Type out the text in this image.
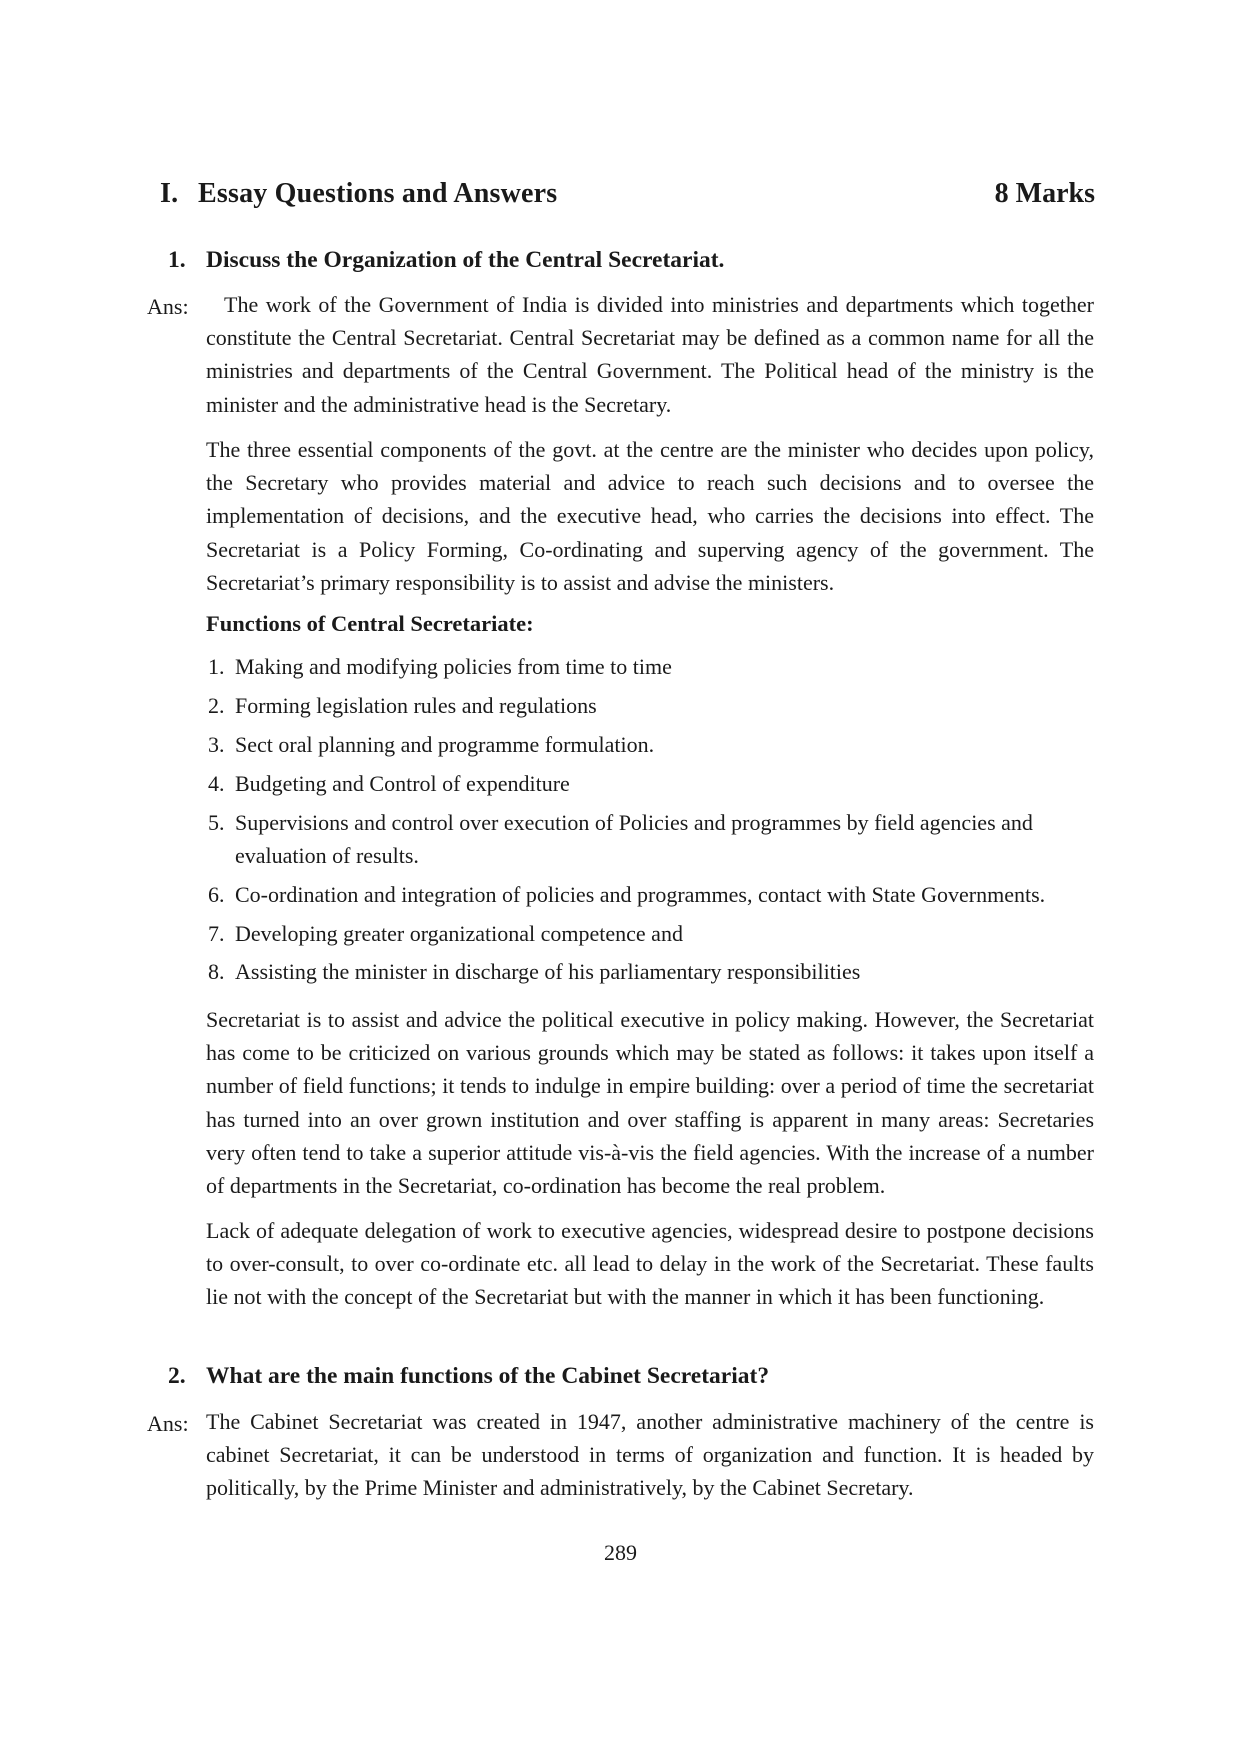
I. Essay Questions and Answers	8 Marks
1. Discuss the Organization of the Central Secretariat.
Ans:	The work of the Government of India is divided into ministries and departments which together constitute the Central Secretariat. Central Secretariat may be defined as a common name for all the ministries and departments of the Central Government. The Political head of the ministry is the minister and the administrative head is the Secretary.
The three essential components of the govt. at the centre are the minister who decides upon policy, the Secretary who provides material and advice to reach such decisions and to oversee the implementation of decisions, and the executive head, who carries the decisions into effect. The Secretariat is a Policy Forming, Co-ordinating and superving agency of the government. The Secretariat’s primary responsibility is to assist and advise the ministers.
Functions of Central Secretariate:
1. Making and modifying policies from time to time
2. Forming legislation rules and regulations
3. Sect oral planning and programme formulation.
4. Budgeting and Control of expenditure
5. Supervisions and control over execution of Policies and programmes by field agencies and evaluation of results.
6. Co-ordination and integration of policies and programmes, contact with State Governments.
7. Developing greater organizational competence and
8. Assisting the minister in discharge of his parliamentary responsibilities
Secretariat is to assist and advice the political executive in policy making. However, the Secretariat has come to be criticized on various grounds which may be stated as follows: it takes upon itself a number of field functions; it tends to indulge in empire building: over a period of time the secretariat has turned into an over grown institution and over staffing is apparent in many areas: Secretaries very often tend to take a superior attitude vis-à-vis the field agencies. With the increase of a number of departments in the Secretariat, co-ordination has become the real problem.
Lack of adequate delegation of work to executive agencies, widespread desire to postpone decisions to over-consult, to over co-ordinate etc. all lead to delay in the work of the Secretariat. These faults lie not with the concept of the Secretariat but with the manner in which it has been functioning.
2. What are the main functions of the Cabinet Secretariat?
Ans: The Cabinet Secretariat was created in 1947, another administrative machinery of the centre is cabinet Secretariat, it can be understood in terms of organization and function. It is headed by politically, by the Prime Minister and administratively, by the Cabinet Secretary.
289
